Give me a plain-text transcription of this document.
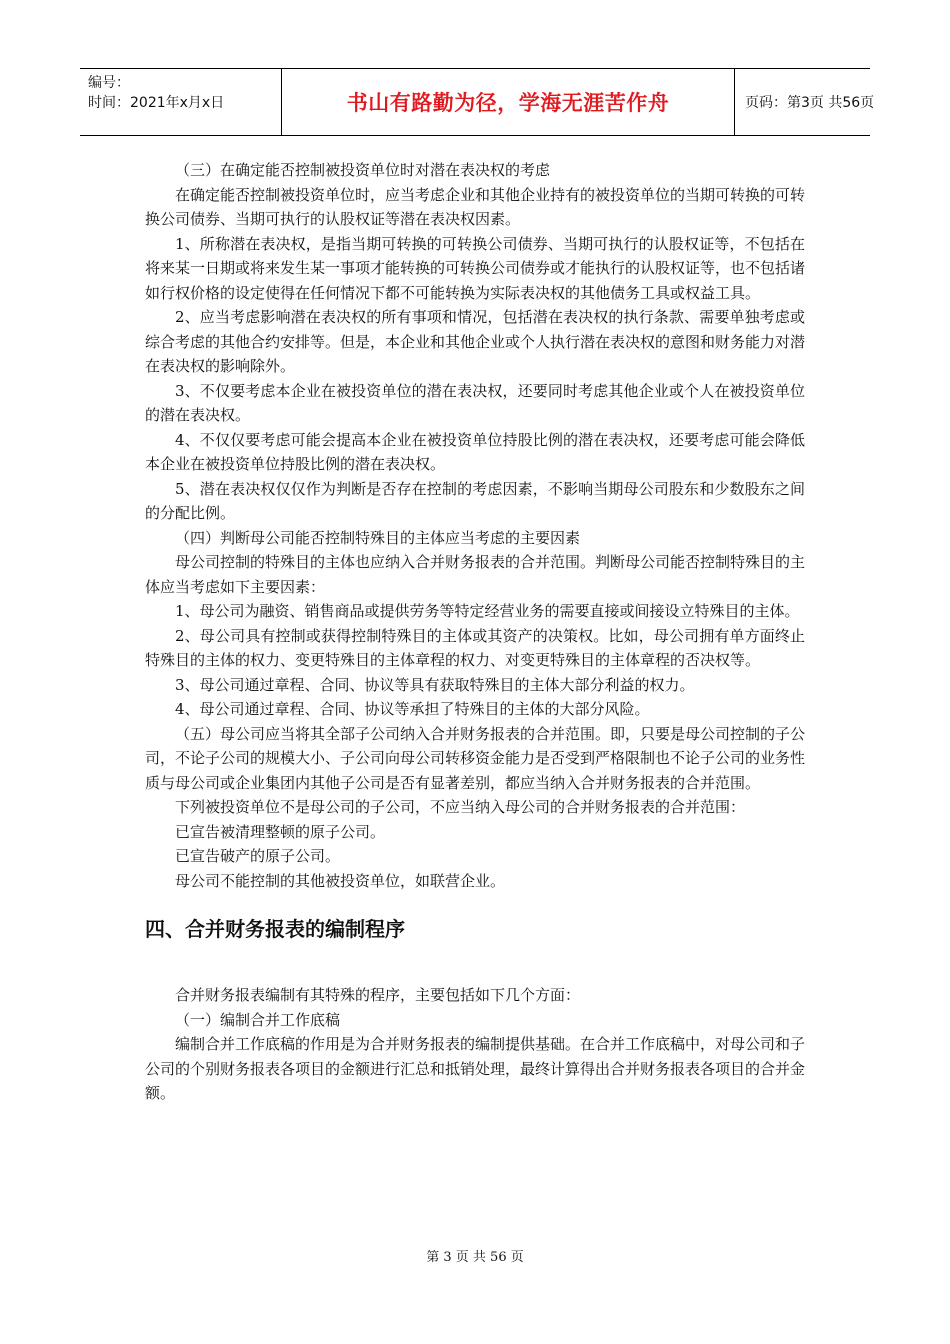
编号：
时间：2021年x月x日	书山有路勤为径，学海无涯苦作舟	页码：第3页 共56页

（三）在确定能否控制被投资单位时对潜在表决权的考虑

在确定能否控制被投资单位时，应当考虑企业和其他企业持有的被投资单位的当期可转换的可转换公司债券、当期可执行的认股权证等潜在表决权因素。

1、所称潜在表决权，是指当期可转换的可转换公司债券、当期可执行的认股权证等，不包括在将来某一日期或将来发生某一事项才能转换的可转换公司债券或才能执行的认股权证等，也不包括诸如行权价格的设定使得在任何情况下都不可能转换为实际表决权的其他债务工具或权益工具。

2、应当考虑影响潜在表决权的所有事项和情况，包括潜在表决权的执行条款、需要单独考虑或综合考虑的其他合约安排等。但是，本企业和其他企业或个人执行潜在表决权的意图和财务能力对潜在表决权的影响除外。

3、不仅要考虑本企业在被投资单位的潜在表决权，还要同时考虑其他企业或个人在被投资单位的潜在表决权。

4、不仅仅要考虑可能会提高本企业在被投资单位持股比例的潜在表决权，还要考虑可能会降低本企业在被投资单位持股比例的潜在表决权。

5、潜在表决权仅仅作为判断是否存在控制的考虑因素，不影响当期母公司股东和少数股东之间的分配比例。

（四）判断母公司能否控制特殊目的主体应当考虑的主要因素

母公司控制的特殊目的主体也应纳入合并财务报表的合并范围。判断母公司能否控制特殊目的主体应当考虑如下主要因素：

1、母公司为融资、销售商品或提供劳务等特定经营业务的需要直接或间接设立特殊目的主体。

2、母公司具有控制或获得控制特殊目的主体或其资产的决策权。比如，母公司拥有单方面终止特殊目的主体的权力、变更特殊目的主体章程的权力、对变更特殊目的主体章程的否决权等。

3、母公司通过章程、合同、协议等具有获取特殊目的主体大部分利益的权力。

4、母公司通过章程、合同、协议等承担了特殊目的主体的大部分风险。

（五）母公司应当将其全部子公司纳入合并财务报表的合并范围。即，只要是母公司控制的子公司，不论子公司的规模大小、子公司向母公司转移资金能力是否受到严格限制也不论子公司的业务性质与母公司或企业集团内其他子公司是否有显著差别，都应当纳入合并财务报表的合并范围。

下列被投资单位不是母公司的子公司，不应当纳入母公司的合并财务报表的合并范围：

已宣告被清理整顿的原子公司。

已宣告破产的原子公司。

母公司不能控制的其他被投资单位，如联营企业。

四、合并财务报表的编制程序

合并财务报表编制有其特殊的程序，主要包括如下几个方面：

（一）编制合并工作底稿

编制合并工作底稿的作用是为合并财务报表的编制提供基础。在合并工作底稿中，对母公司和子公司的个别财务报表各项目的金额进行汇总和抵销处理，最终计算得出合并财务报表各项目的合并金额。

第 3 页 共 56 页
